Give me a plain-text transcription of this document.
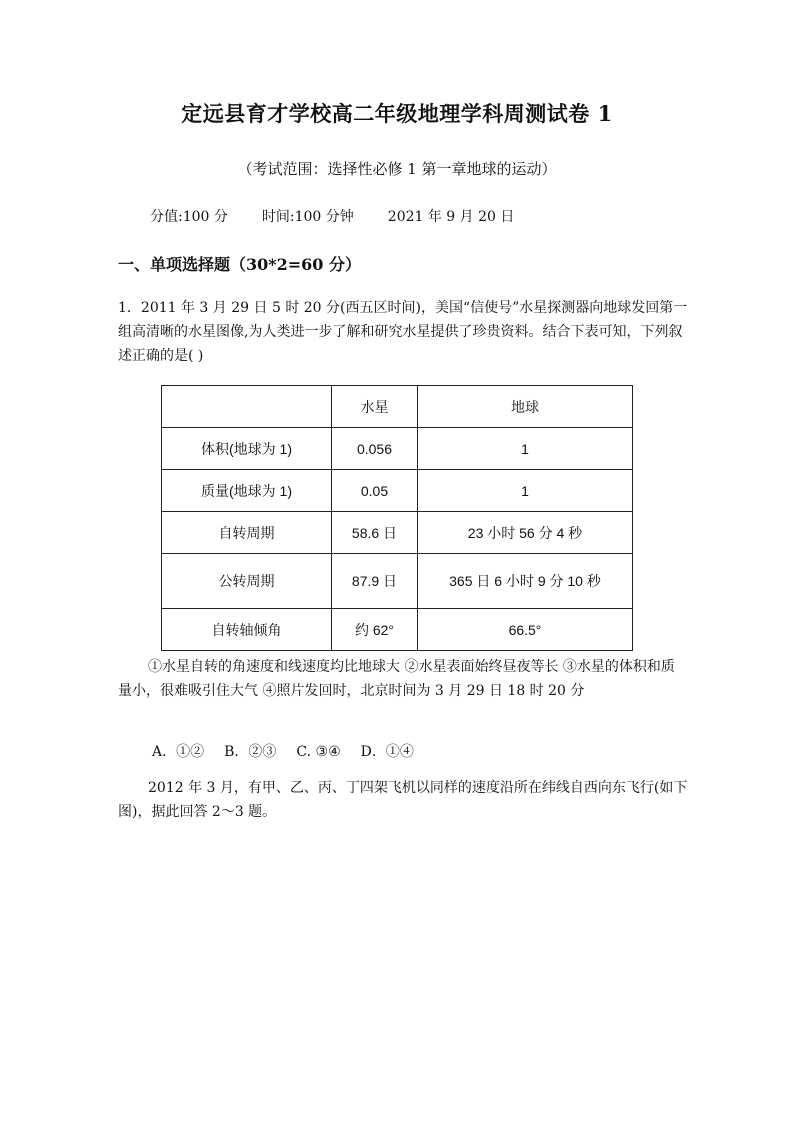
定远县育才学校高二年级地理学科周测试卷 1
（考试范围：选择性必修 1 第一章地球的运动）
分值:100 分 时间:100 分钟 2021 年 9 月 20 日
一、单项选择题（30*2=60 分）
1．2011 年 3 月 29 日 5 时 20 分(西五区时间)，美国“信使号”水星探测器向地球发回第一组高清晰的水星图像,为人类进一步了解和研究水星提供了珍贵资料。结合下表可知，下列叙述正确的是( )
	水星	地球
体积(地球为 1)	0.056	1
质量(地球为 1)	0.05	1
自转周期	58.6 日	23 小时 56 分 4 秒
公转周期	87.9 日	365 日 6 小时 9 分 10 秒
自转轴倾角	约 62°	66.5°
①水星自转的角速度和线速度均比地球大 ②水星表面始终昼夜等长 ③水星的体积和质量小，很难吸引住大气 ④照片发回时，北京时间为 3 月 29 日 18 时 20 分
A．①② B．②③ C. ③④ D．①④
2012 年 3 月，有甲、乙、丙、丁四架飞机以同样的速度沿所在纬线自西向东飞行(如下图)，据此回答 2～3 题。
